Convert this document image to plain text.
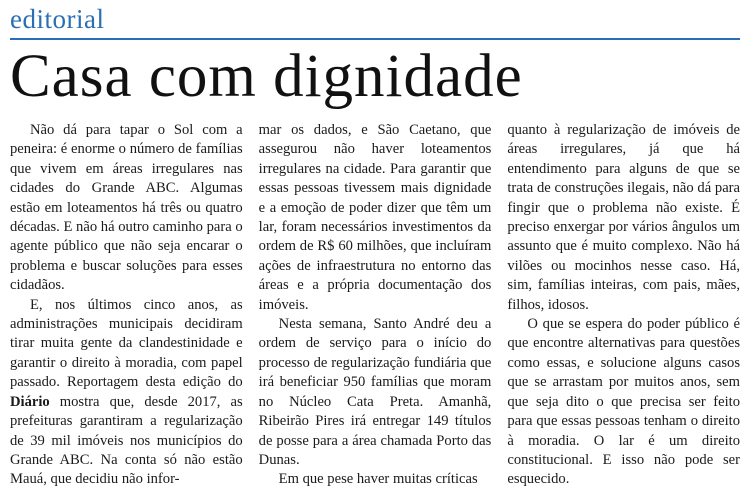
editorial
Casa com dignidade

Não dá para tapar o Sol com a peneira: é enorme o número de famílias que vivem em áreas irregulares nas cidades do Grande ABC. Algumas estão em loteamentos há três ou quatro décadas. E não há outro caminho para o agente público que não seja encarar o problema e buscar soluções para esses cidadãos.

E, nos últimos cinco anos, as administrações municipais decidiram tirar muita gente da clandestinidade e garantir o direito à moradia, com papel passado. Reportagem desta edição do Diário mostra que, desde 2017, as prefeituras garantiram a regularização de 39 mil imóveis nos municípios do Grande ABC. Na conta só não estão Mauá, que decidiu não infor-

mar os dados, e São Caetano, que assegurou não haver loteamentos irregulares na cidade. Para garantir que essas pessoas tivessem mais dignidade e a emoção de poder dizer que têm um lar, foram necessários investimentos da ordem de R$ 60 milhões, que incluíram ações de infraestrutura no entorno das áreas e a própria documentação dos imóveis.

Nesta semana, Santo André deu a ordem de serviço para o início do processo de regularização fundiária que irá beneficiar 950 famílias que moram no Núcleo Cata Preta. Amanhã, Ribeirão Pires irá entregar 149 títulos de posse para a área chamada Porto das Dunas.

Em que pese haver muitas críticas

quanto à regularização de imóveis de áreas irregulares, já que há entendimento para alguns de que se trata de construções ilegais, não dá para fingir que o problema não existe. É preciso enxergar por vários ângulos um assunto que é muito complexo. Não há vilões ou mocinhos nesse caso. Há, sim, famílias inteiras, com pais, mães, filhos, idosos.

O que se espera do poder público é que encontre alternativas para questões como essas, e solucione alguns casos que se arrastam por muitos anos, sem que seja dito o que precisa ser feito para que essas pessoas tenham o direito à moradia. O lar é um direito constitucional. E isso não pode ser esquecido.
